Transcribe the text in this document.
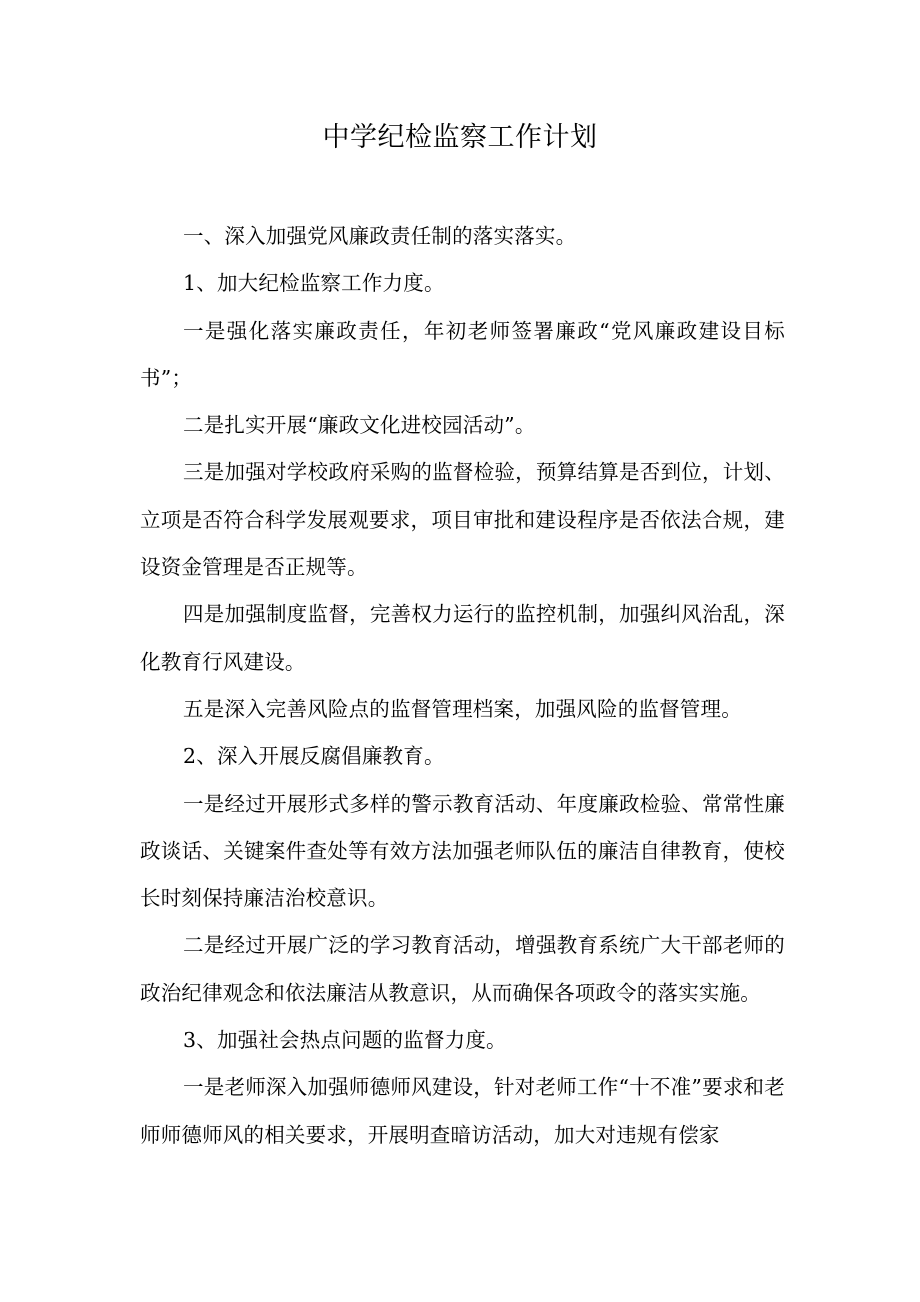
中学纪检监察工作计划

一、深入加强党风廉政责任制的落实落实。

1、加大纪检监察工作力度。

一是强化落实廉政责任，年初老师签署廉政“党风廉政建设目标书”；

二是扎实开展“廉政文化进校园活动”。

三是加强对学校政府采购的监督检验，预算结算是否到位，计划、立项是否符合科学发展观要求，项目审批和建设程序是否依法合规，建设资金管理是否正规等。

四是加强制度监督，完善权力运行的监控机制，加强纠风治乱，深化教育行风建设。

五是深入完善风险点的监督管理档案，加强风险的监督管理。

2、深入开展反腐倡廉教育。

一是经过开展形式多样的警示教育活动、年度廉政检验、常常性廉政谈话、关键案件查处等有效方法加强老师队伍的廉洁自律教育，使校长时刻保持廉洁治校意识。

二是经过开展广泛的学习教育活动，增强教育系统广大干部老师的政治纪律观念和依法廉洁从教意识，从而确保各项政令的落实实施。

3、加强社会热点问题的监督力度。

一是老师深入加强师德师风建设，针对老师工作“十不准”要求和老师师德师风的相关要求，开展明查暗访活动，加大对违规有偿家
